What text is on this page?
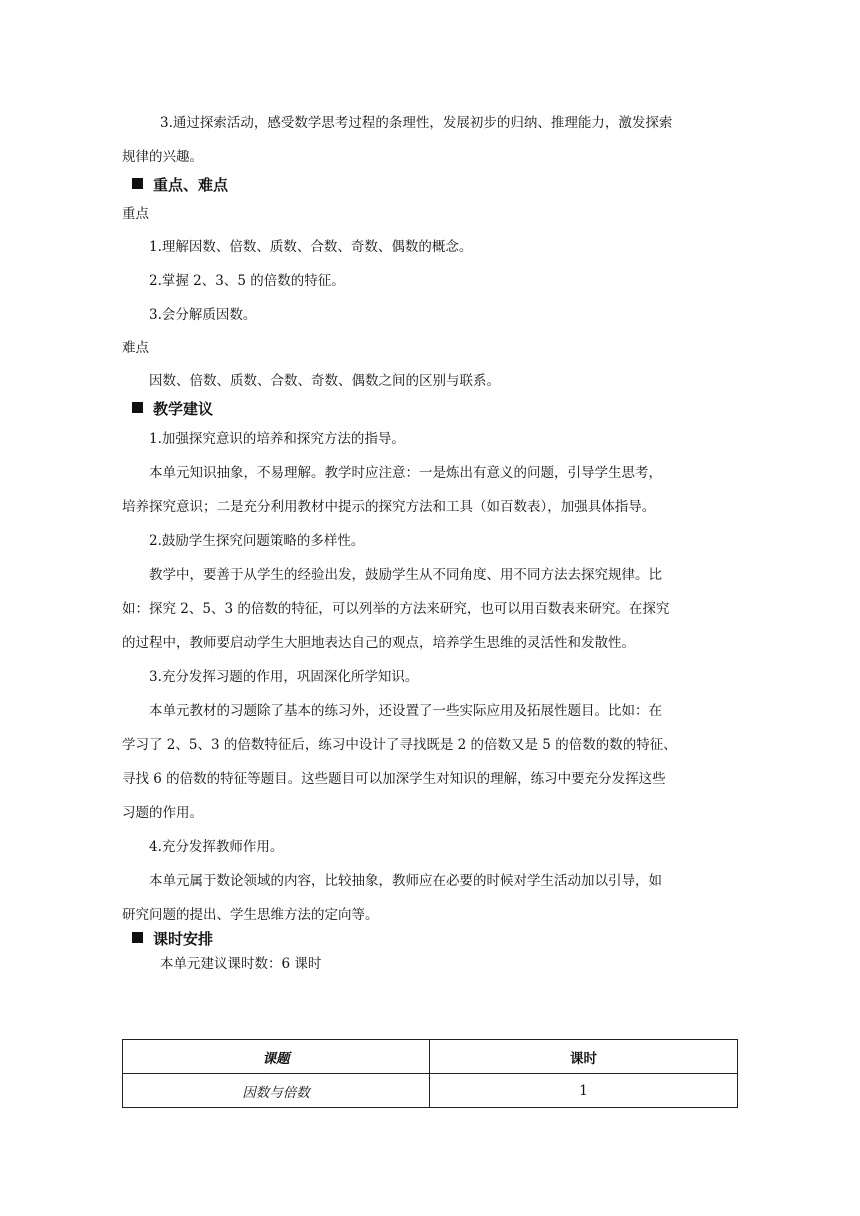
3.通过探索活动，感受数学思考过程的条理性，发展初步的归纳、推理能力，激发探索

规律的兴趣。

重点、难点

重点

1.理解因数、倍数、质数、合数、奇数、偶数的概念。

2.掌握 2、3、5 的倍数的特征。

3.会分解质因数。

难点

因数、倍数、质数、合数、奇数、偶数之间的区别与联系。

教学建议

1.加强探究意识的培养和探究方法的指导。

本单元知识抽象，不易理解。教学时应注意：一是炼出有意义的问题，引导学生思考，

培养探究意识；二是充分利用教材中提示的探究方法和工具（如百数表），加强具体指导。

2.鼓励学生探究问题策略的多样性。

教学中，要善于从学生的经验出发，鼓励学生从不同角度、用不同方法去探究规律。比

如：探究 2、5、3 的倍数的特征，可以列举的方法来研究，也可以用百数表来研究。在探究

的过程中，教师要启动学生大胆地表达自己的观点，培养学生思维的灵活性和发散性。

3.充分发挥习题的作用，巩固深化所学知识。

本单元教材的习题除了基本的练习外，还设置了一些实际应用及拓展性题目。比如：在

学习了 2、5、3 的倍数特征后，练习中设计了寻找既是 2 的倍数又是 5 的倍数的数的特征、

寻找 6 的倍数的特征等题目。这些题目可以加深学生对知识的理解，练习中要充分发挥这些

习题的作用。

4.充分发挥教师作用。

本单元属于数论领域的内容，比较抽象，教师应在必要的时候对学生活动加以引导，如

研究问题的提出、学生思维方法的定向等。

课时安排

本单元建议课时数：6 课时

课题	课时
因数与倍数	1
